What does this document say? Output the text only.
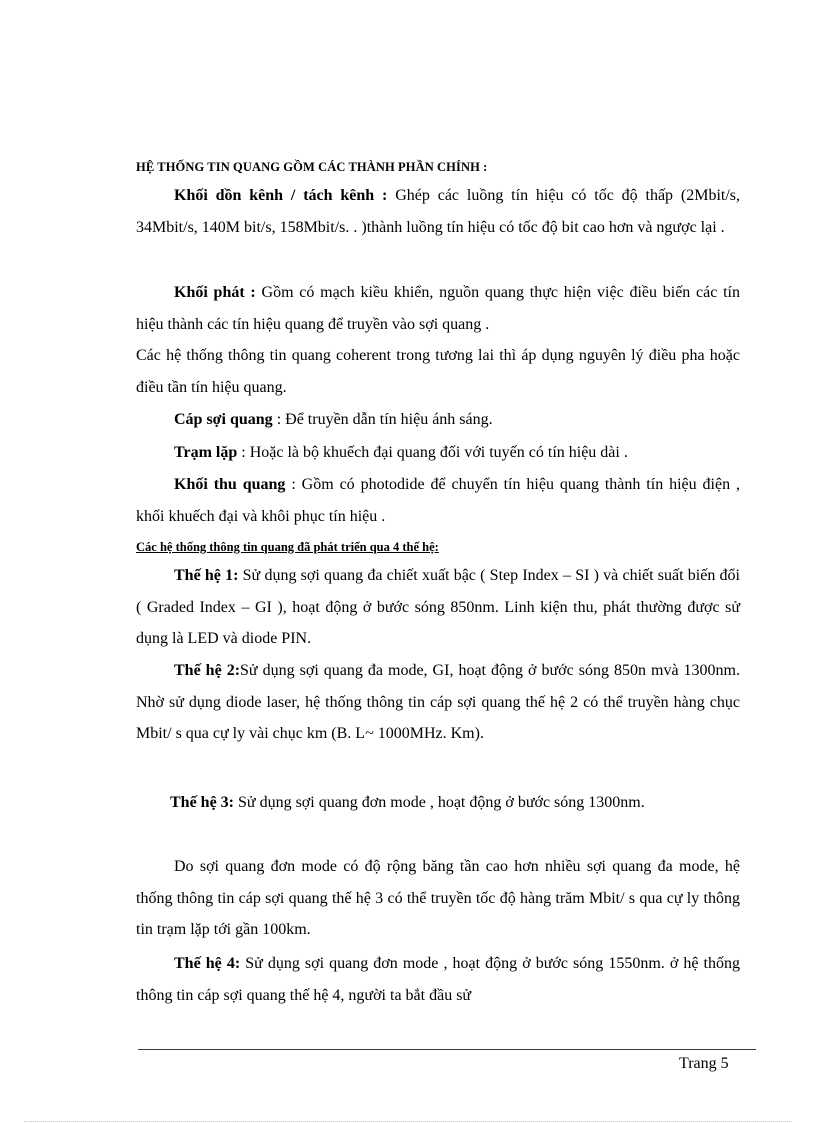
HỆ THỐNG TIN QUANG GỒM CÁC THÀNH PHẦN CHÍNH :

Khối dồn kênh / tách kênh : Ghép các luồng tín hiệu có tốc độ thấp (2Mbit/s, 34Mbit/s, 140M bit/s, 158Mbit/s. . )thành luồng tín hiệu có tốc độ bit cao hơn và ngược lại .

Khối phát : Gồm có mạch kiều khiển, nguồn quang thực hiện việc điều biến các tín hiệu thành các tín hiệu quang để truyền vào sợi quang .

Các hệ thống thông tin quang coherent trong tương lai thì áp dụng nguyên lý điều pha hoặc điều tần tín hiệu quang.

Cáp sợi quang : Để truyền dẫn tín hiệu ánh sáng.

Trạm lặp : Hoặc là bộ khuếch đại quang đối với tuyến có tín hiệu dài .

Khối thu quang : Gồm có photodide để chuyển tín hiệu quang thành tín hiệu điện , khối khuếch đại và khôi phục tín hiệu .

Các hệ thống thông tin quang đã phát triển qua 4 thế hệ:

Thế hệ 1: Sử dụng sợi quang đa chiết xuất bậc ( Step Index – SI ) và chiết suất biến đổi ( Graded Index – GI ), hoạt động ở bước sóng 850nm. Linh kiện thu, phát thường được sử dụng là LED và diode PIN.

Thế hệ 2:Sử dụng sợi quang đa mode, GI, hoạt động ở bước sóng 850n mvà 1300nm. Nhờ sử dụng diode laser, hệ thống thông tin cáp sợi quang thế hệ 2 có thể truyền hàng chục Mbit/ s qua cự ly vài chục km (B. L~ 1000MHz. Km).

Thế hệ 3: Sử dụng sợi quang đơn mode , hoạt động ở bước sóng 1300nm.

Do sợi quang đơn mode có độ rộng băng tần cao hơn nhiều sợi quang đa mode, hệ thống thông tin cáp sợi quang thế hệ 3 có thể truyền tốc độ hàng trăm Mbit/ s qua cự ly thông tin trạm lặp tới gần 100km.

Thế hệ 4: Sử dụng sợi quang đơn mode , hoạt động ở bước sóng 1550nm. ở hệ thống thông tin cáp sợi quang thế hệ 4, người ta bắt đầu sử

Trang 5
